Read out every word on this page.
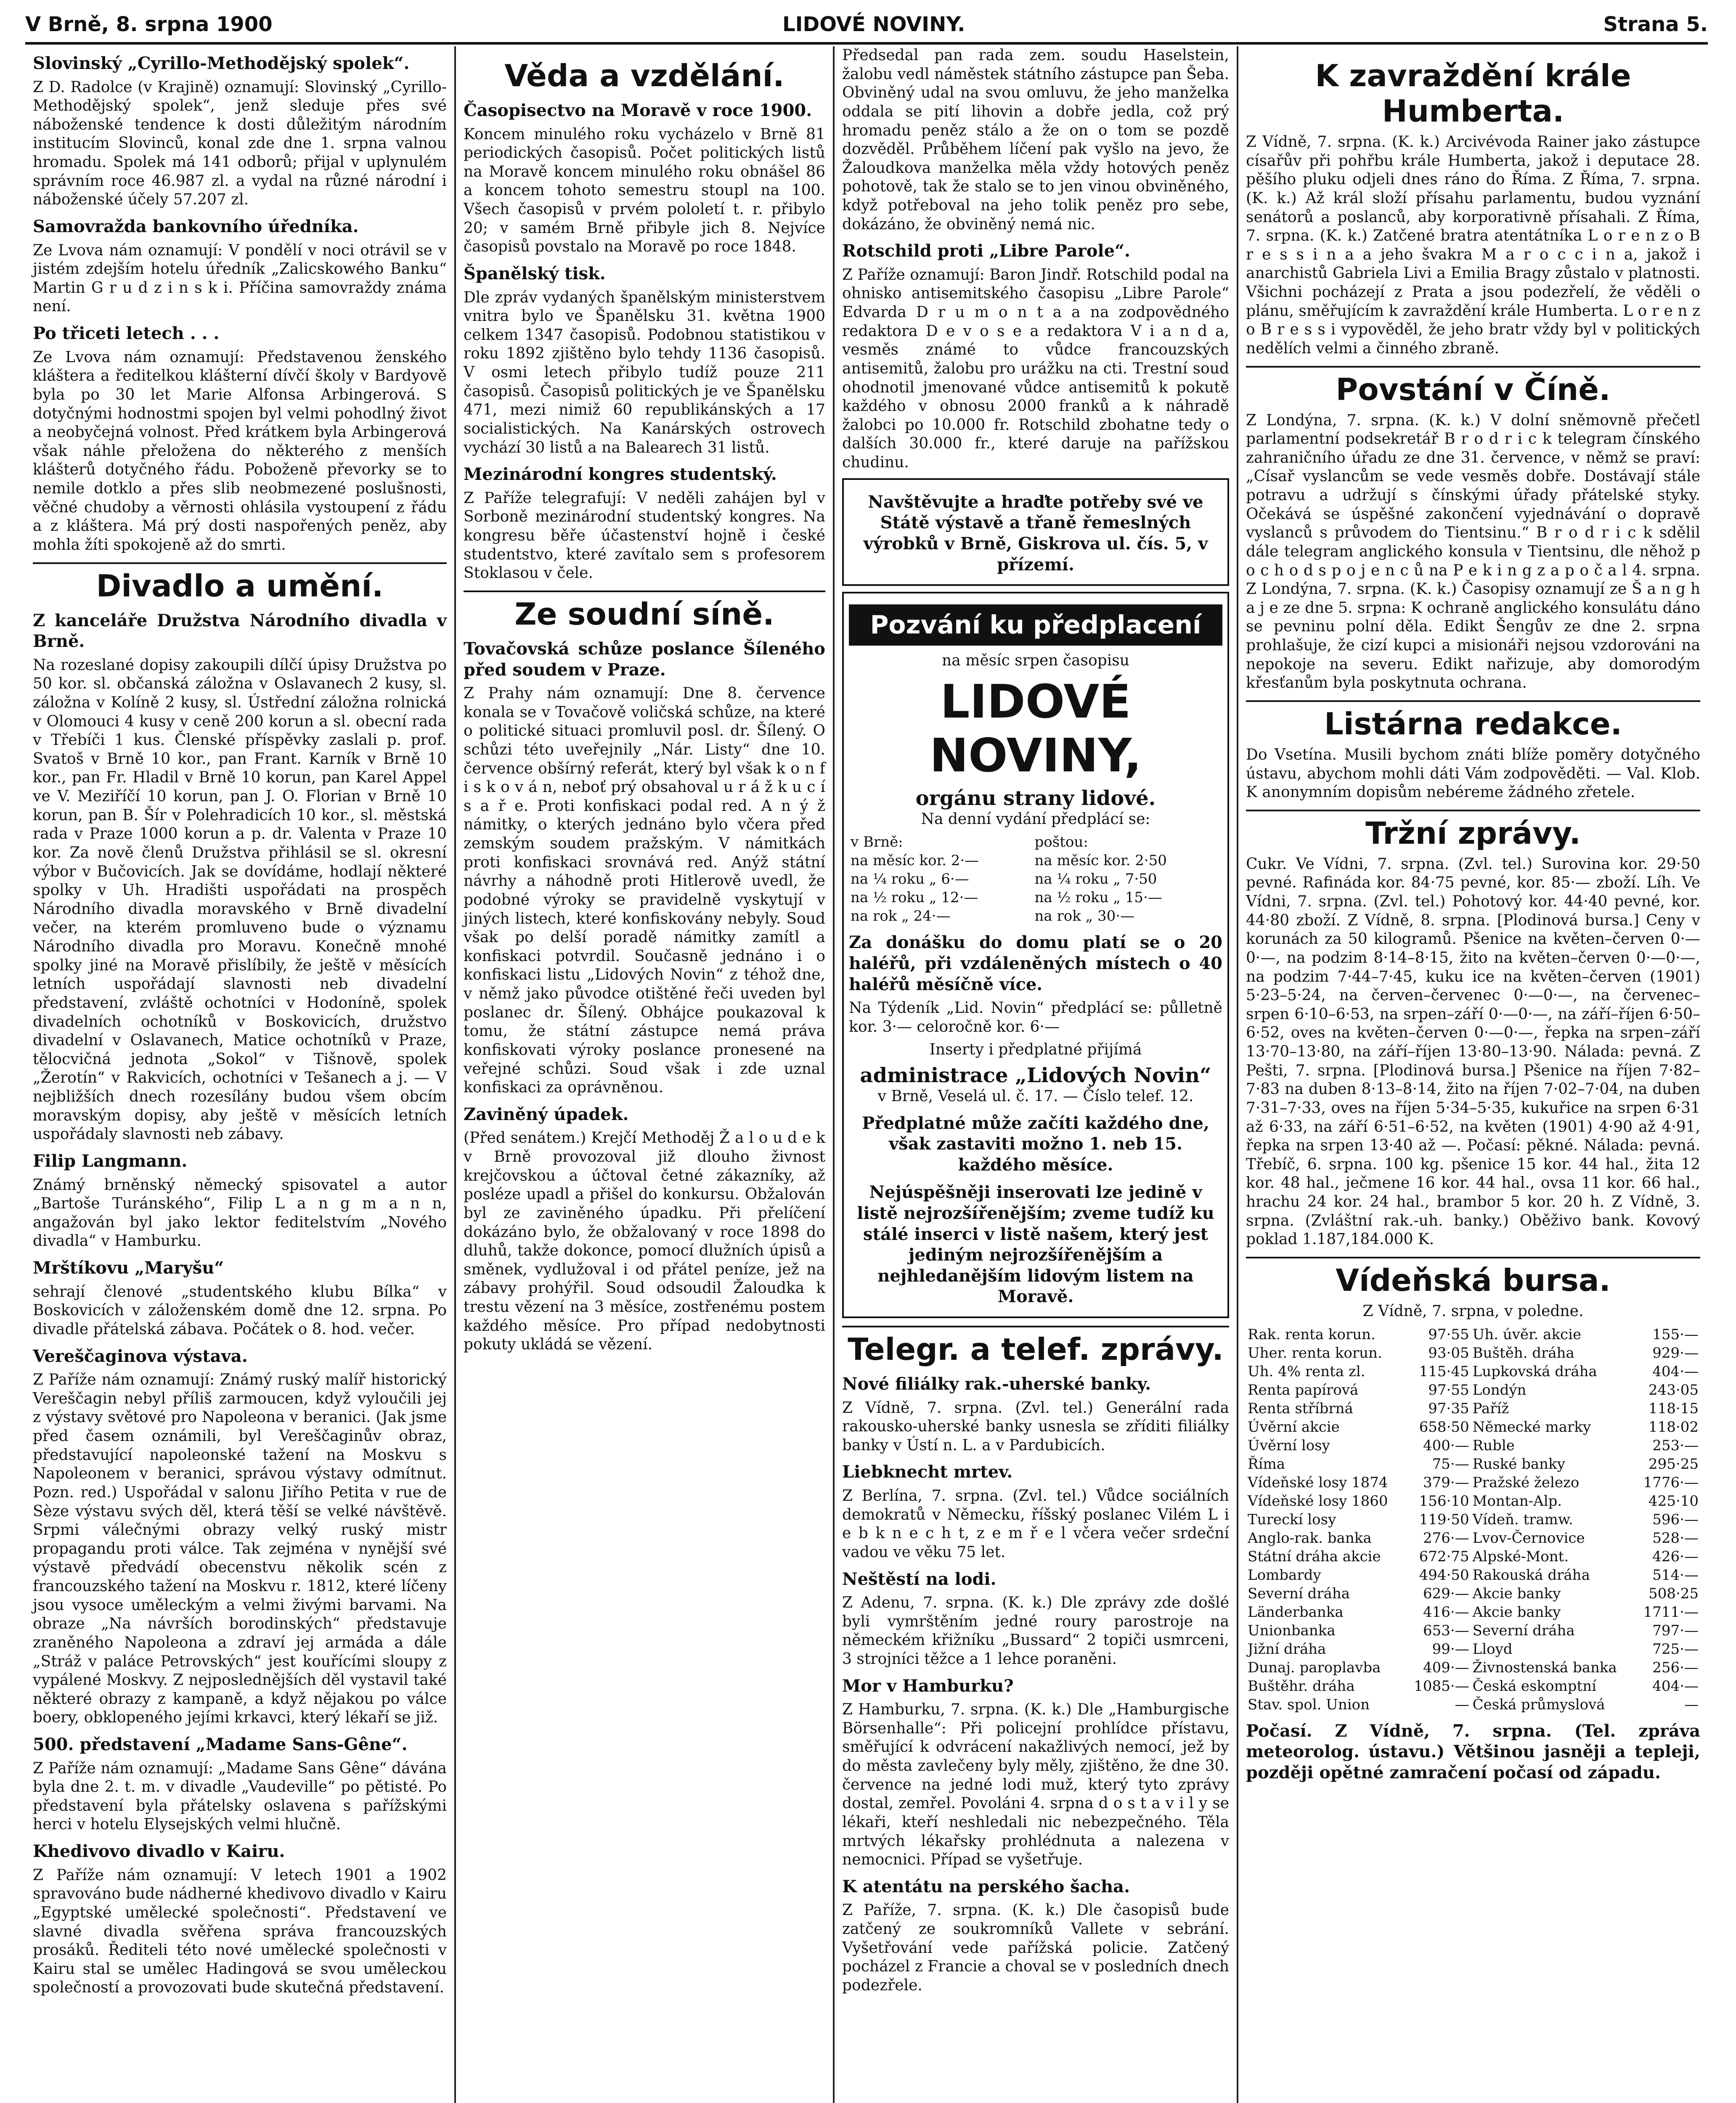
V Brně, 8. srpna 1900	LIDOVÉ NOVINY.	Strana 5.

Slovinský „Cyrillo-Methodějský spolek“.

Z D. Radolce (v Krajině) oznamují: Slovinský „Cyrillo-Methodějský spolek“, jenž sleduje přes své náboženské tendence k dosti důležitým národním institucím Slovinců, konal zde dne 1. srpna valnou hromadu. Spolek má 141 odborů; přijal v uplynulém správním roce 46.987 zl. a vydal na různé národní i náboženské účely 57.207 zl.

Samovražda bankovního úředníka.

Ze Lvova nám oznamují: V pondělí v noci otrávil se v jistém zdejším hotelu úředník „Zalicskowého Banku“ Martin G r u d z i n s k i. Příčina samovraždy známa není.

Po třiceti letech . . .

Ze Lvova nám oznamují: Představenou ženského kláštera a ředitelkou klášterní dívčí školy v Bardyově byla po 30 let Marie Alfonsa Arbingerová. S dotyčnými hodnostmi spojen byl velmi pohodlný život a neobyčejná volnost. Před krátkem byla Arbingerová však náhle přeložena do některého z menších klášterů dotyčného řádu. Poboženě převorky se to nemile dotklo a přes slib neobmezené poslušnosti, věčné chudoby a věrnosti ohlásila vystoupení z řádu a z kláštera. Má prý dosti naspořených peněz, aby mohla žíti spokojeně až do smrti.

Divadlo a umění.

Z kanceláře Družstva Národního divadla v Brně.

Na rozeslané dopisy zakoupili dílčí úpisy Družstva po 50 kor. sl. občanská záložna v Oslavanech 2 kusy, sl. záložna v Kolíně 2 kusy, sl. Ústřední záložna rolnická v Olomouci 4 kusy v ceně 200 korun a sl. obecní rada v Třebíči 1 kus. Členské příspěvky zaslali p. prof. Svatoš v Brně 10 kor., pan Frant. Karník v Brně 10 kor., pan Fr. Hladil v Brně 10 korun, pan Karel Appel ve V. Meziříčí 10 korun, pan J. O. Florian v Brně 10 korun, pan B. Šír v Polehradicích 10 kor., sl. městská rada v Praze 1000 korun a p. dr. Valenta v Praze 10 kor. Za nově členů Družstva přihlásil se sl. okresní výbor v Bučovicích. Jak se dovídáme, hodlají některé spolky v Uh. Hradišti uspořádati na prospěch Národního divadla moravského v Brně divadelní večer, na kterém promluveno bude o významu Národního divadla pro Moravu. Konečně mnohé spolky jiné na Moravě přislíbily, že ještě v měsících letních uspořádají slavnosti neb divadelní představení, zvláště ochotníci v Hodoníně, spolek divadelních ochotníků v Boskovicích, družstvo divadelní v Oslavanech, Matice ochotníků v Praze, tělocvičná jednota „Sokol“ v Tišnově, spolek „Žerotín“ v Rakvicích, ochotníci v Tešanech a j. — V nejbližších dnech rozesílány budou všem obcím moravským dopisy, aby ještě v měsících letních uspořádaly slavnosti neb zábavy.

Filip Langmann.

Známý brněnský německý spisovatel a autor „Bartoše Turánského“, Filip L a n g m a n n, angažován byl jako lektor feditelstvím „Nového divadla“ v Hamburku.

Mrštíkovu „Maryšu“

sehrají členové „studentského klubu Bílka“ v Boskovicích v záloženském domě dne 12. srpna. Po divadle přátelská zábava. Počátek o 8. hod. večer.

Vereščaginova výstava.

Z Paříže nám oznamují: Známý ruský malíř historický Vereščagin nebyl příliš zarmoucen, když vyloučili jej z výstavy světové pro Napoleona v beranici. (Jak jsme před časem oznámili, byl Vereščaginův obraz, představující napoleonské tažení na Moskvu s Napoleonem v beranici, správou výstavy odmítnut. Pozn. red.) Uspořádal v salonu Jiřího Petita v rue de Sèze výstavu svých děl, která těší se velké návštěvě. Srpmi válečnými obrazy velký ruský mistr propagandu proti válce. Tak zejména v nynější své výstavě předvádí obecenstvu několik scén z francouzského tažení na Moskvu r. 1812, které líčeny jsou vysoce uměleckým a velmi živými barvami. Na obraze „Na návrších borodinských“ představuje zraněného Napoleona a zdraví jej armáda a dále „Stráž v paláce Petrovských“ jest kouřícími sloupy z vypálené Moskvy. Z nejposlednějších děl vystavil také některé obrazy z kampaně, a když nějakou po válce boery, obklopeného jejími krkavci, který lékaří se již.

500. představení „Madame Sans-Gêne“.

Z Paříže nám oznamují: „Madame Sans Gêne“ dávána byla dne 2. t. m. v divadle „Vaudeville“ po pětisté. Po představení byla přátelsky oslavena s pařížskými herci v hotelu Elysejských velmi hlučně.

Khedivovo divadlo v Kairu.

Z Paříže nám oznamují: V letech 1901 a 1902 spravováno bude nádherné khedivovo divadlo v Kairu „Egyptské umělecké společnosti“. Představení ve slavné divadla svěřena správa francouzských prosáků. Řediteli této nové umělecké společnosti v Kairu stal se umělec Hadingová se svou uměleckou společností a provozovati bude skutečná představení.

Věda a vzdělání.

Časopisectvo na Moravě v roce 1900.

Koncem minulého roku vycházelo v Brně 81 periodických časopisů. Počet politických listů na Moravě koncem minulého roku obnášel 86 a koncem tohoto semestru stoupl na 100. Všech časopisů v prvém pololetí t. r. přibylo 20; v samém Brně přibyle jich 8. Nejvíce časopisů povstalo na Moravě po roce 1848.

Španělský tisk.

Dle zpráv vydaných španělským ministerstvem vnitra bylo ve Španělsku 31. května 1900 celkem 1347 časopisů. Podobnou statistikou v roku 1892 zjištěno bylo tehdy 1136 časopisů. V osmi letech přibylo tudíž pouze 211 časopisů. Časopisů politických je ve Španělsku 471, mezi nimiž 60 republikánských a 17 socialistických. Na Kanárských ostrovech vychází 30 listů a na Balearech 31 listů.

Mezinárodní kongres studentský.

Z Paříže telegrafují: V neděli zahájen byl v Sorboně mezinárodní studentský kongres. Na kongresu běře účastenství hojně i české studentstvo, které zavítalo sem s profesorem Stoklasou v čele.

Ze soudní síně.

Tovačovská schůze poslance Šíleného před soudem v Praze.

Z Prahy nám oznamují: Dne 8. července konala se v Tovačově voličská schůze, na které o politické situaci promluvil posl. dr. Šílený. O schůzi této uveřejnily „Nár. Listy“ dne 10. července obšírný referát, který byl však k o n f i s k o v á n, neboť prý obsahoval u r á ž k u c í s a ř e. Proti konfiskaci podal red. A n ý ž námitky, o kterých jednáno bylo včera před zemským soudem pražským. V námitkách proti konfiskaci srovnává red. Anýž státní návrhy a náhodně proti Hitlerově uvedl, že podobné výroky se pravidelně vyskytují v jiných listech, které konfiskovány nebyly. Soud však po delší poradě námitky zamítl a konfiskaci potvrdil. Současně jednáno i o konfiskaci listu „Lidových Novin“ z téhož dne, v němž jako původce otištěné řeči uveden byl poslanec dr. Šílený. Obhájce poukazoval k tomu, že státní zástupce nemá práva konfiskovati výroky poslance pronesené na veřejné schůzi. Soud však i zde uznal konfiskaci za oprávněnou.

Zaviněný úpadek.

(Před senátem.) Krejčí Methoděj Ž a l o u d e k v Brně provozoval již dlouho živnost krejčovskou a účtoval četné zákazníky, až posléze upadl a přišel do konkursu. Obžalován byl ze zaviněného úpadku. Při přelíčení dokázáno bylo, že obžalovaný v roce 1898 do dluhů, takže dokonce, pomocí dlužních úpisů a směnek, vydlužoval i od přátel peníze, jež na zábavy prohýřil. Soud odsoudil Žaloudka k trestu vězení na 3 měsíce, zostřenému postem každého měsíce. Pro případ nedobytnosti pokuty ukládá se vězení.

Předsedal pan rada zem. soudu Haselstein, žalobu vedl náměstek státního zástupce pan Šeba. Obviněný udal na svou omluvu, že jeho manželka oddala se pití lihovin a dobře jedla, což prý hromadu peněz stálo a že on o tom se pozdě dozvěděl. Průběhem líčení pak vyšlo na jevo, že Žaloudkova manželka měla vždy hotových peněz pohotově, tak že stalo se to jen vinou obviněného, když potřeboval na jeho tolik peněz pro sebe, dokázáno, že obviněný nemá nic.

Rotschild proti „Libre Parole“.

Z Paříže oznamují: Baron Jindř. Rotschild podal na ohnisko antisemitského časopisu „Libre Parole“ Edvarda D r u m o n t a a na zodpovědného redaktora D e v o s e a redaktora V i a n d a, vesměs známé to vůdce francouzských antisemitů, žalobu pro urážku na cti. Trestní soud ohodnotil jmenované vůdce antisemitů k pokutě každého v obnosu 2000 franků a k náhradě žalobci po 10.000 fr. Rotschild zbohatne tedy o dalších 30.000 fr., které daruje na pařížskou chudinu.

Navštěvujte a hraďte potřeby své ve Státě výstavě a třaně řemeslných výrobků v Brně, Giskrova ul. čís. 5, v přízemí.

Pozvání ku předplacení

na měsíc srpen časopisu

LIDOVÉ NOVINY,
orgánu strany lidové.

Na denní vydání předplácí se:

v Brně:	poštou:
na měsíc kor. 2·—	na měsíc kor. 2·50
na ¼ roku „ 6·—	na ¼ roku „ 7·50
na ½ roku „ 12·—	na ½ roku „ 15·—
na rok „ 24·—	na rok „ 30·—

Za donášku do domu platí se o 20 haléřů, při vzdáleněných místech o 40 haléřů měsíčně více.

Na Týdeník „Lid. Novin“ předplácí se: půlletně kor. 3·— celoročně kor. 6·—

Inserty i předplatné přijímá

administrace „Lidových Novin“

v Brně, Veselá ul. č. 17. — Číslo telef. 12.

Předplatné může začíti každého dne, však zastaviti možno 1. neb 15. každého měsíce.

Nejúspěšněji inserovati lze jedině v listě nejrozšířenějším; zveme tudíž ku stálé inserci v listě našem, který jest jediným nejrozšířenějším a nejhledanějším lidovým listem na Moravě.

Telegr. a telef. zprávy.

Nové filiálky rak.-uherské banky.

Z Vídně, 7. srpna. (Zvl. tel.) Generální rada rakousko-uherské banky usnesla se zříditi filiálky banky v Ústí n. L. a v Pardubicích.

Liebknecht mrtev.

Z Berlína, 7. srpna. (Zvl. tel.) Vůdce sociálních demokratů v Německu, říšský poslanec Vilém L i e b k n e c h t, z e m ř e l včera večer srdeční vadou ve věku 75 let.

Neštěstí na lodi.

Z Adenu, 7. srpna. (K. k.) Dle zprávy zde došlé byli vymrštěním jedné roury parostroje na německém křižníku „Bussard“ 2 topiči usmrceni, 3 strojníci těžce a 1 lehce poraněni.

Mor v Hamburku?

Z Hamburku, 7. srpna. (K. k.) Dle „Hamburgische Börsenhalle“: Při policejní prohlídce přístavu, směřující k odvrácení nakažlivých nemocí, jež by do města zavlečeny byly měly, zjištěno, že dne 30. července na jedné lodi muž, který tyto zprávy dostal, zemřel. Povoláni 4. srpna d o s t a v i l y se lékaři, kteří neshledali nic nebezpečného. Těla mrtvých lékařsky prohlédnuta a nalezena v nemocnici. Případ se vyšetřuje.

K atentátu na perského šacha.

Z Paříže, 7. srpna. (K. k.) Dle časopisů bude zatčený ze soukromníků Vallete v sebrání. Vyšetřování vede pařížská policie. Zatčený pocházel z Francie a choval se v posledních dnech podezřele.

K zavraždění krále Humberta.

Z Vídně, 7. srpna. (K. k.) Arcivévoda Rainer jako zástupce císařův při pohřbu krále Humberta, jakož i deputace 28. pěšího pluku odjeli dnes ráno do Říma. Z Říma, 7. srpna. (K. k.) Až král složí přísahu parlamentu, budou vyznání senátorů a poslanců, aby korporativně přísahali. Z Říma, 7. srpna. (K. k.) Zatčené bratra atentátníka L o r e n z o B r e s s i n a a jeho švakra M a r o c c i n a, jakož i anarchistů Gabriela Livi a Emilia Bragy zůstalo v platnosti. Všichni pocházejí z Prata a jsou podezřelí, že věděli o plánu, směřujícím k zavraždění krále Humberta. L o r e n z o B r e s s i vypověděl, že jeho bratr vždy byl v politických nedělích velmi a činného zbraně.

Povstání v Číně.

Z Londýna, 7. srpna. (K. k.) V dolní sněmovně přečetl parlamentní podsekretář B r o d r i c k telegram čínského zahraničního úřadu ze dne 31. července, v němž se praví: „Císař vyslancům se vede vesměs dobře. Dostávají stále potravu a udržují s čínskými úřady přátelské styky. Očekává se úspěšné zakončení vyjednávání o dopravě vyslanců s průvodem do Tientsinu.“ B r o d r i c k sdělil dále telegram anglického konsula v Tientsinu, dle něhož p o c h o d s p o j e n c ů na P e k i n g z a p o č a l 4. srpna. Z Londýna, 7. srpna. (K. k.) Časopisy oznamují ze Š a n g h a j e ze dne 5. srpna: K ochraně anglického konsulátu dáno se pevninu polní děla. Edikt Šengův ze dne 2. srpna prohlašuje, že cizí kupci a misionáři nejsou vzdorováni na nepokoje na severu. Edikt nařizuje, aby domorodým křesťanům byla poskytnuta ochrana.

Listárna redakce.

Do Vsetína. Musili bychom znáti blíže poměry dotyčného ústavu, abychom mohli dáti Vám zodpověděti. — Val. Klob. K anonymním dopisům nebéreme žádného zřetele.

Tržní zprávy.

Cukr. Ve Vídni, 7. srpna. (Zvl. tel.) Surovina kor. 29·50 pevné. Rafináda kor. 84·75 pevné, kor. 85·— zboží. Líh. Ve Vídni, 7. srpna. (Zvl. tel.) Pohotový kor. 44·40 pevné, kor. 44·80 zboží. Z Vídně, 8. srpna. [Plodinová bursa.] Ceny v korunách za 50 kilogramů. Pšenice na květen–červen 0·—0·—, na podzim 8·14–8·15, žito na květen–červen 0·—0·—, na podzim 7·44–7·45, kuku ice na květen–červen (1901) 5·23–5·24, na červen–červenec 0·—0·—, na červenec–srpen 6·10–6·53, na srpen–září 0·—0·—, na září–říjen 6·50–6·52, oves na květen–červen 0·—0·—, řepka na srpen–září 13·70–13·80, na září–říjen 13·80–13·90. Nálada: pevná. Z Pešti, 7. srpna. [Plodinová bursa.] Pšenice na říjen 7·82–7·83 na duben 8·13–8·14, žito na říjen 7·02–7·04, na duben 7·31–7·33, oves na říjen 5·34–5·35, kukuřice na srpen 6·31 až 6·33, na září 6·51–6·52, na květen (1901) 4·90 až 4·91, řepka na srpen 13·40 až —. Počasí: pěkné. Nálada: pevná. Třebíč, 6. srpna. 100 kg. pšenice 15 kor. 44 hal., žita 12 kor. 48 hal., ječmene 16 kor. 44 hal., ovsa 11 kor. 66 hal., hrachu 24 kor. 24 hal., brambor 5 kor. 20 h. Z Vídně, 3. srpna. (Zvláštní rak.-uh. banky.) Oběživo bank. Kovový poklad 1.187,184.000 K.

Vídeňská bursa.

Z Vídně, 7. srpna, v poledne.

Rak. renta korun.	97·55	Uh. úvěr. akcie	155·—
Uher. renta korun.	93·05	Buštěh. dráha	929·—
Uh. 4% renta zl.	115·45	Lupkovská dráha	404·—
Renta papírová	97·55	Londýn	243·05
Renta stříbrná	97·35	Paříž	118·15
Úvěrní akcie	658·50	Německé marky	118·02
Úvěrní losy	400·—	Ruble	253·—
Říma	75·—	Ruské banky	295·25
Vídeňské losy 1874	379·—	Pražské železo	1776·—
Vídeňské losy 1860	156·10	Montan-Alp.	425·10
Tureckí losy	119·50	Vídeň. tramw.	596·—
Anglo-rak. banka	276·—	Lvov-Černovice	528·—
Státní dráha akcie	672·75	Alpské-Mont.	426·—
Lombardy	494·50	Rakouská dráha	514·—
Severní dráha	629·—	Akcie banky	508·25
Länderbanka	416·—	Akcie banky	1711·—
Unionbanka	653·—	Severní dráha	797·—
Jižní dráha	99·—	Lloyd	725·—
Dunaj. paroplavba	409·—	Živnostenská banka	256·—
Buštěhr. dráha	1085·—	Česká eskomptní	404·—
Stav. spol. Union	—	Česká průmyslová	—

Počasí. Z Vídně, 7. srpna. (Tel. zpráva meteorolog. ústavu.) Většinou jasněji a tepleji, později opětné zamračení počasí od západu.
